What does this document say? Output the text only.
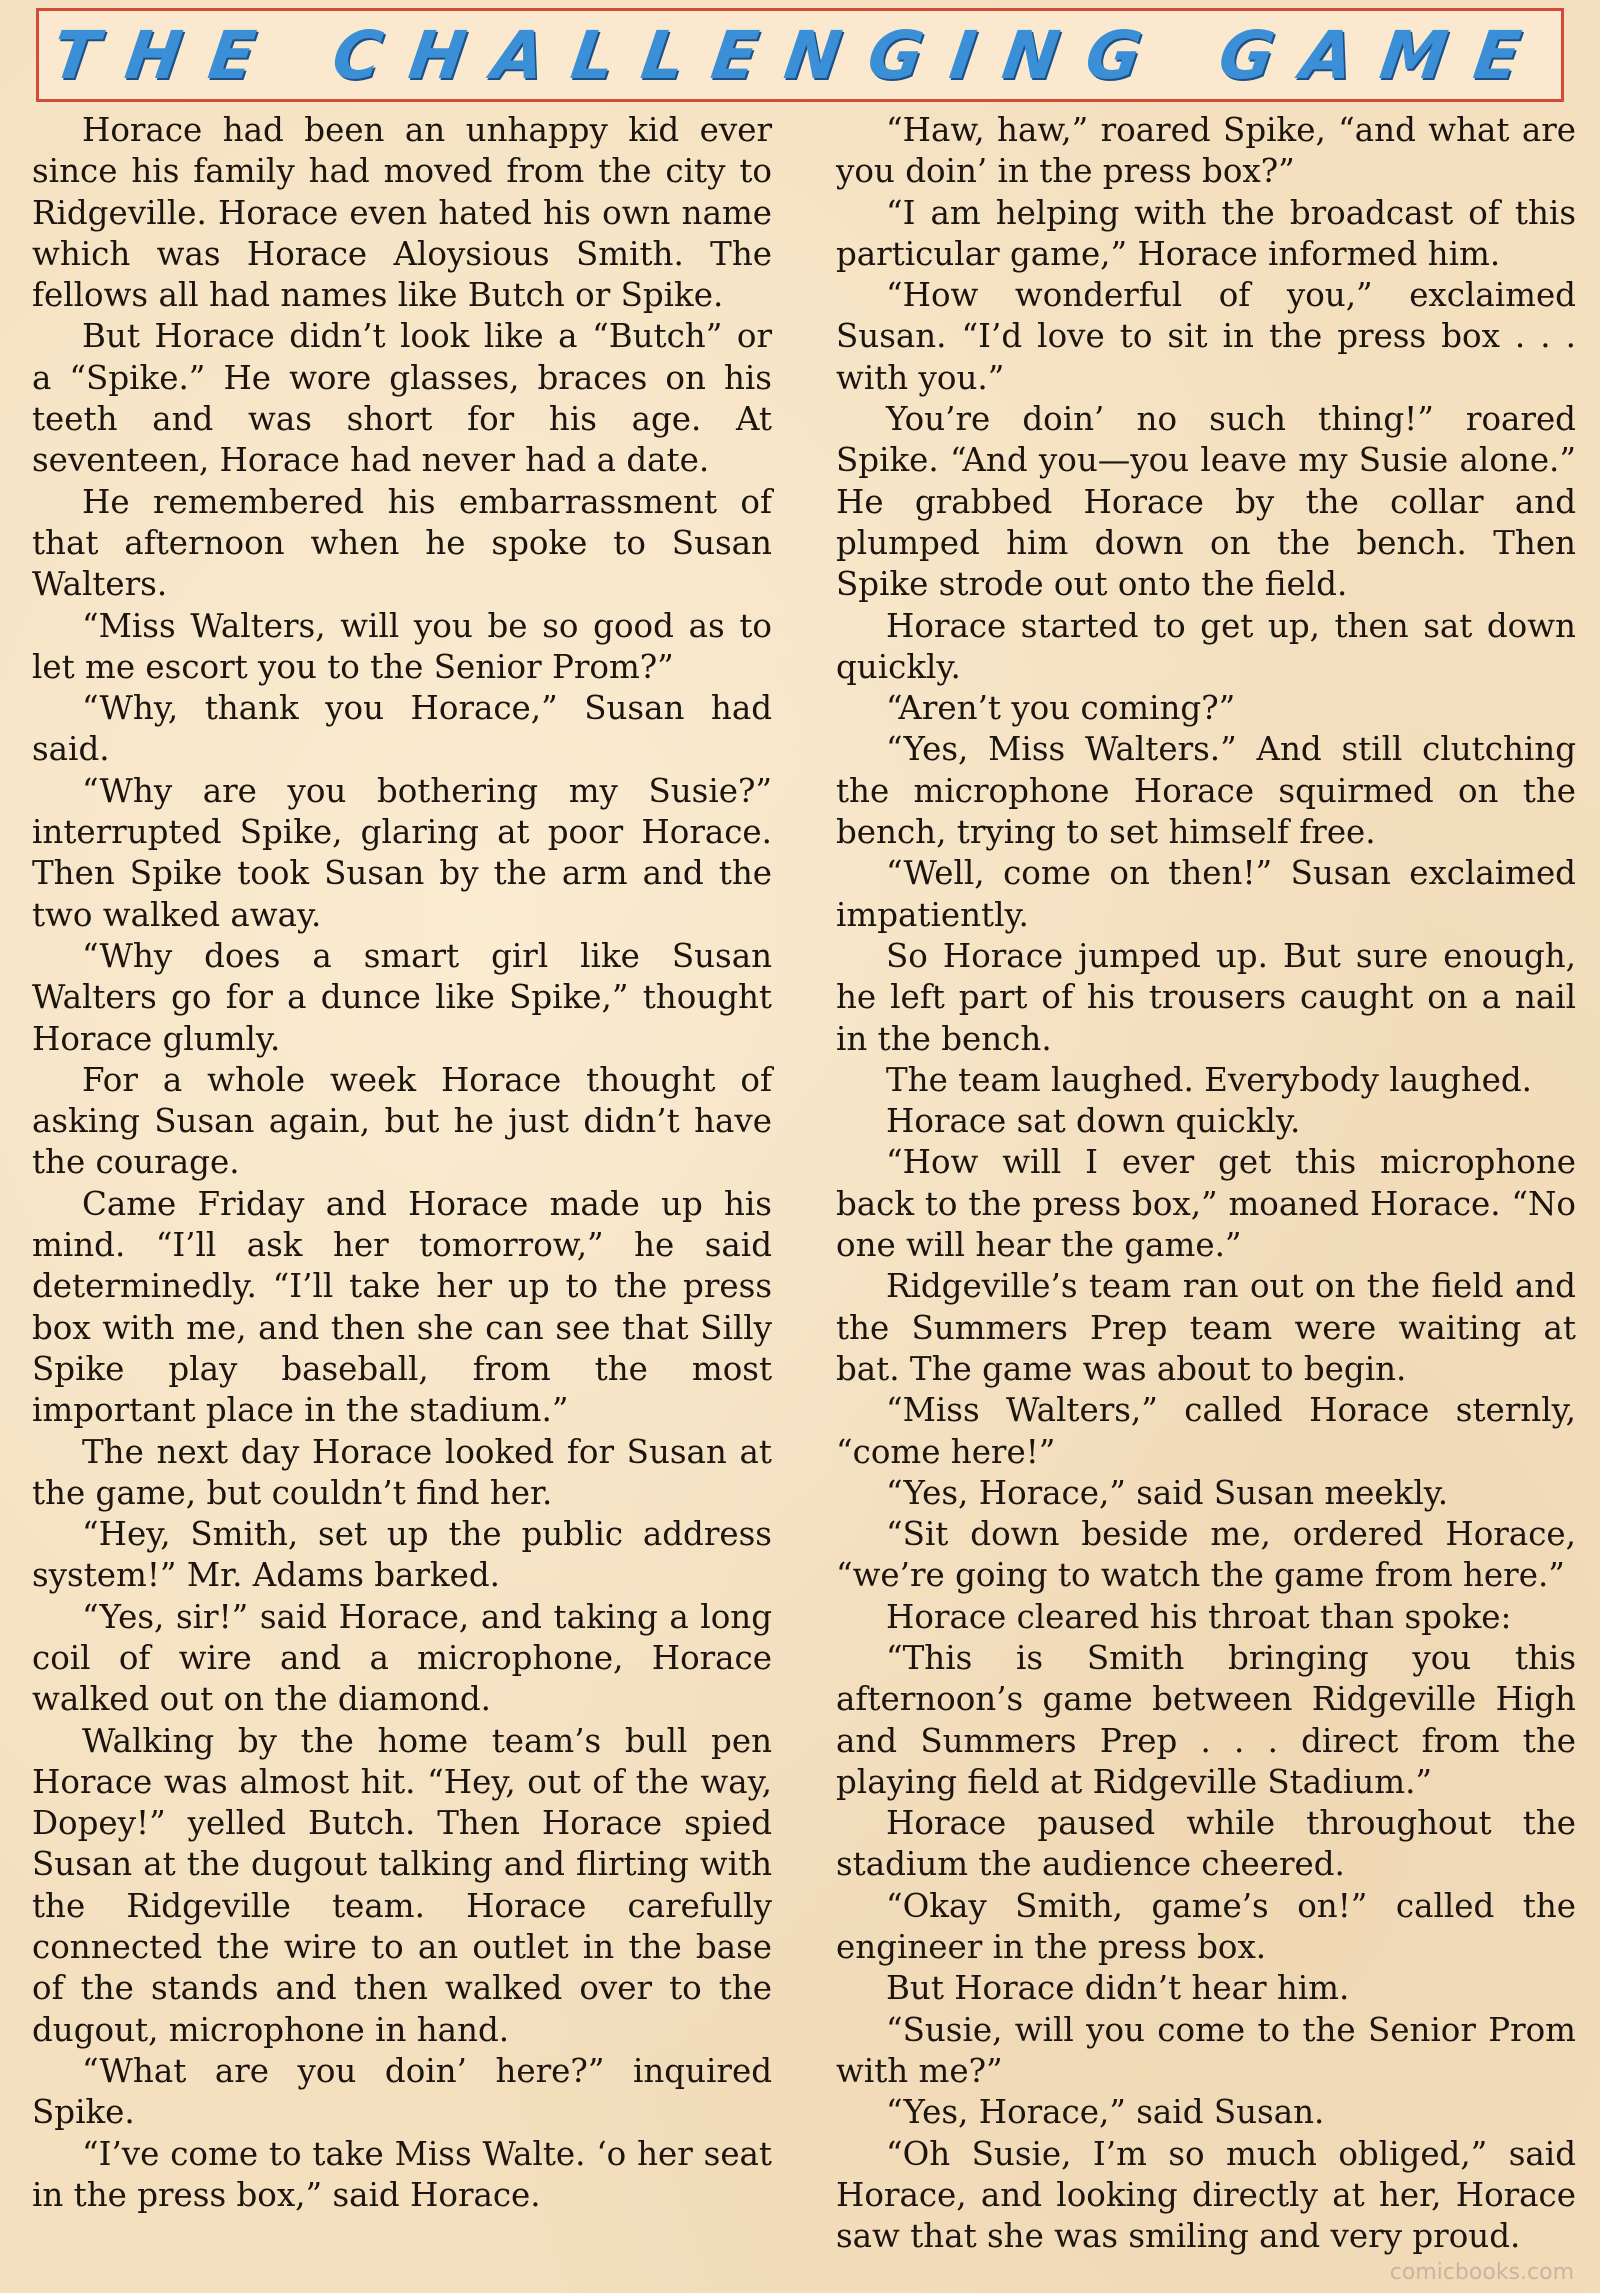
THE CHALLENGING GAME

Horace had been an unhappy kid ever since his family had moved from the city to Ridgeville. Horace even hated his own name which was Horace Aloysious Smith. The fellows all had names like Butch or Spike.

But Horace didn’t look like a “Butch” or a “Spike.” He wore glasses, braces on his teeth and was short for his age. At seventeen, Horace had never had a date.

He remembered his embarrassment of that afternoon when he spoke to Susan Walters.

“Miss Walters, will you be so good as to let me escort you to the Senior Prom?”

“Why, thank you Horace,” Susan had said.

“Why are you bothering my Susie?” interrupted Spike, glaring at poor Horace. Then Spike took Susan by the arm and the two walked away.

“Why does a smart girl like Susan Walters go for a dunce like Spike,” thought Horace glumly.

For a whole week Horace thought of asking Susan again, but he just didn’t have the courage.

Came Friday and Horace made up his mind. “I’ll ask her tomorrow,” he said determinedly. “I’ll take her up to the press box with me, and then she can see that Silly Spike play baseball, from the most important place in the stadium.”

The next day Horace looked for Susan at the game, but couldn’t find her.

“Hey, Smith, set up the public address system!” Mr. Adams barked.

“Yes, sir!” said Horace, and taking a long coil of wire and a microphone, Horace walked out on the diamond.

Walking by the home team’s bull pen Horace was almost hit. “Hey, out of the way, Dopey!” yelled Butch. Then Horace spied Susan at the dugout talking and flirting with the Ridgeville team. Horace carefully connected the wire to an outlet in the base of the stands and then walked over to the dugout, microphone in hand.

“What are you doin’ here?” inquired Spike.

“I’ve come to take Miss Walte. ‘o her seat in the press box,” said Horace.

“Haw, haw,” roared Spike, “and what are you doin’ in the press box?”

“I am helping with the broadcast of this particular game,” Horace informed him.

“How wonderful of you,” exclaimed Susan. “I’d love to sit in the press box . . . with you.”

You’re doin’ no such thing!” roared Spike. “And you—you leave my Susie alone.” He grabbed Horace by the collar and plumped him down on the bench. Then Spike strode out onto the field.

Horace started to get up, then sat down quickly.

“Aren’t you coming?”

“Yes, Miss Walters.” And still clutching the microphone Horace squirmed on the bench, trying to set himself free.

“Well, come on then!” Susan exclaimed impatiently.

So Horace jumped up. But sure enough, he left part of his trousers caught on a nail in the bench.

The team laughed. Everybody laughed.

Horace sat down quickly.

“How will I ever get this microphone back to the press box,” moaned Horace. “No one will hear the game.”

Ridgeville’s team ran out on the field and the Summers Prep team were waiting at bat. The game was about to begin.

“Miss Walters,” called Horace sternly, “come here!”

“Yes, Horace,” said Susan meekly.

“Sit down beside me, ordered Horace, “we’re going to watch the game from here.”

Horace cleared his throat than spoke:

“This is Smith bringing you this afternoon’s game between Ridgeville High and Summers Prep . . . direct from the playing field at Ridgeville Stadium.”

Horace paused while throughout the stadium the audience cheered.

“Okay Smith, game’s on!” called the engineer in the press box.

But Horace didn’t hear him.

“Susie, will you come to the Senior Prom with me?”

“Yes, Horace,” said Susan.

“Oh Susie, I’m so much obliged,” said Horace, and looking directly at her, Horace saw that she was smiling and very proud.

comicbooks.com
